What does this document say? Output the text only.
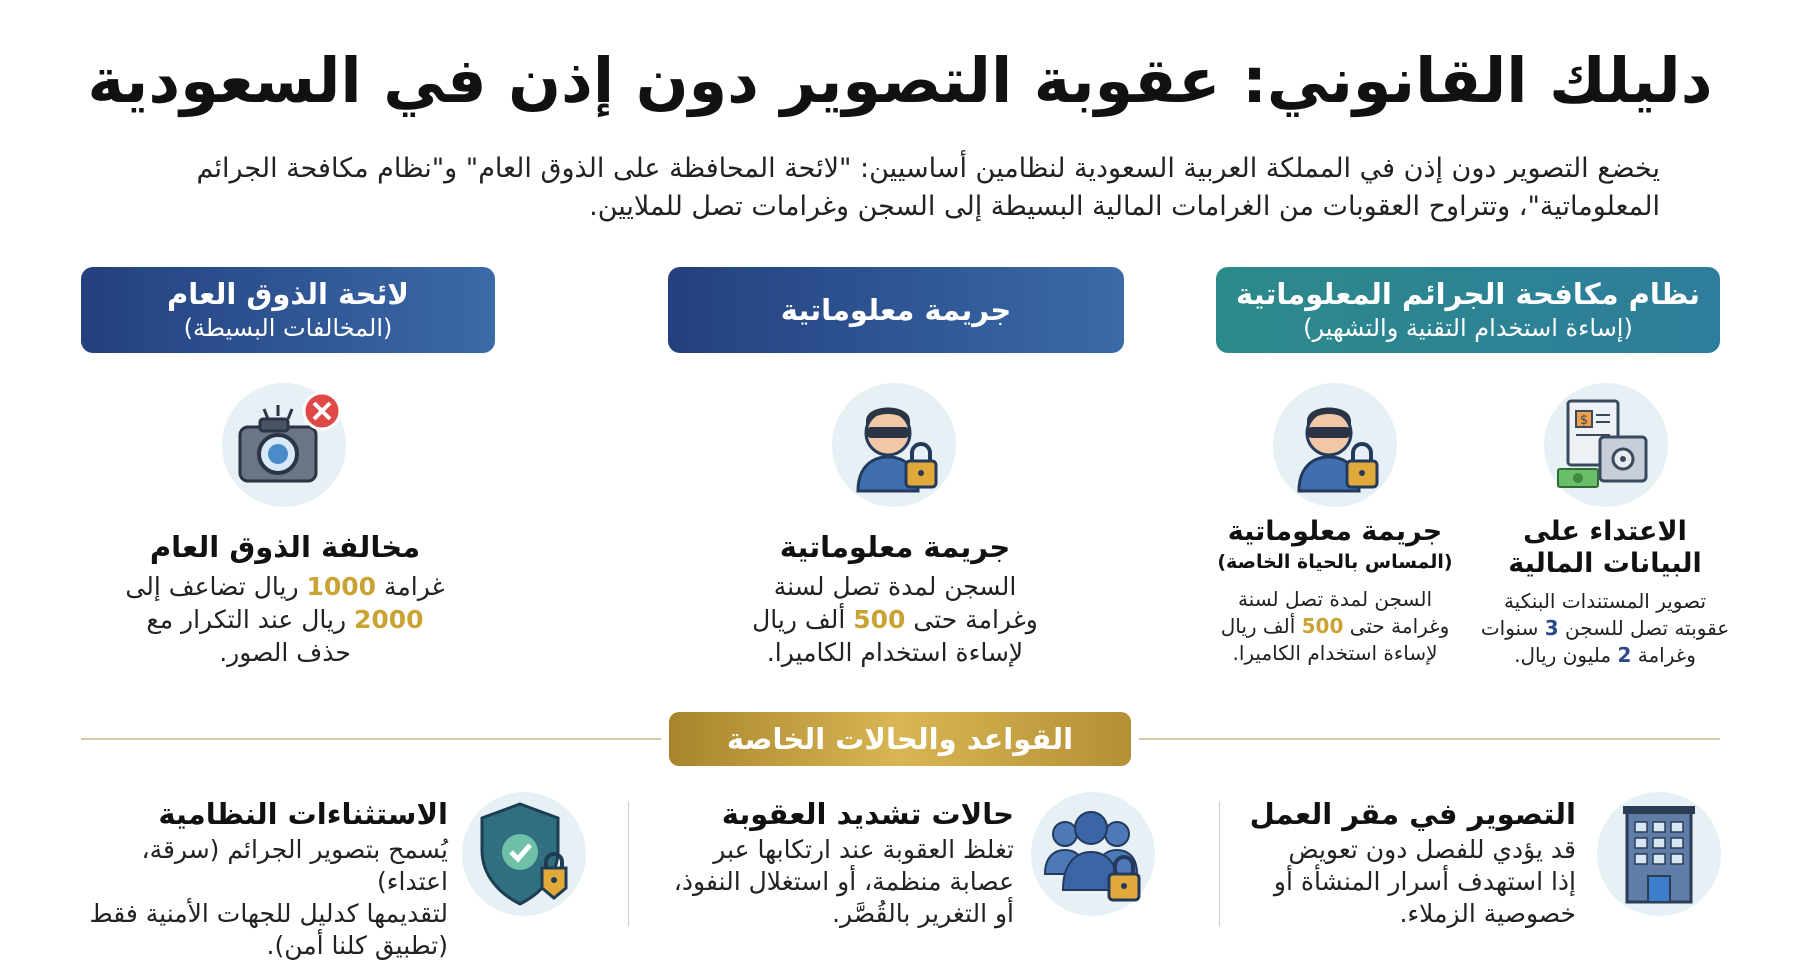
دليلك القانوني: عقوبة التصوير دون إذن في السعودية
يخضع التصوير دون إذن في المملكة العربية السعودية لنظامين أساسيين: "لائحة المحافظة على الذوق العام" و"نظام مكافحة الجرائم المعلوماتية"، وتتراوح العقوبات من الغرامات المالية البسيطة إلى السجن وغرامات تصل للملايين.
نظام مكافحة الجرائم المعلوماتية
(إساءة استخدام التقنية والتشهير)
جريمة معلوماتية
لائحة الذوق العام
(المخالفات البسيطة)
$
الاعتداء على
البيانات المالية
تصوير المستندات البنكية
عقوبته تصل للسجن 3 سنوات
وغرامة 2 مليون ريال.
جريمة معلوماتية
(المساس بالحياة الخاصة)
السجن لمدة تصل لسنة
وغرامة حتى 500 ألف ريال
لإساءة استخدام الكاميرا.
جريمة معلوماتية
السجن لمدة تصل لسنة
وغرامة حتى 500 ألف ريال
لإساءة استخدام الكاميرا.
مخالفة الذوق العام
غرامة 1000 ريال تضاعف إلى
2000 ريال عند التكرار مع
حذف الصور.
القواعد والحالات الخاصة
التصوير في مقر العمل
قد يؤدي للفصل دون تعويض
إذا استهدف أسرار المنشأة أو
خصوصية الزملاء.
حالات تشديد العقوبة
تغلظ العقوبة عند ارتكابها عبر
عصابة منظمة، أو استغلال النفوذ،
أو التغرير بالقُصَّر.
الاستثناءات النظامية
يُسمح بتصوير الجرائم (سرقة، اعتداء)
لتقديمها كدليل للجهات الأمنية فقط
(تطبيق كلنا أمن).
